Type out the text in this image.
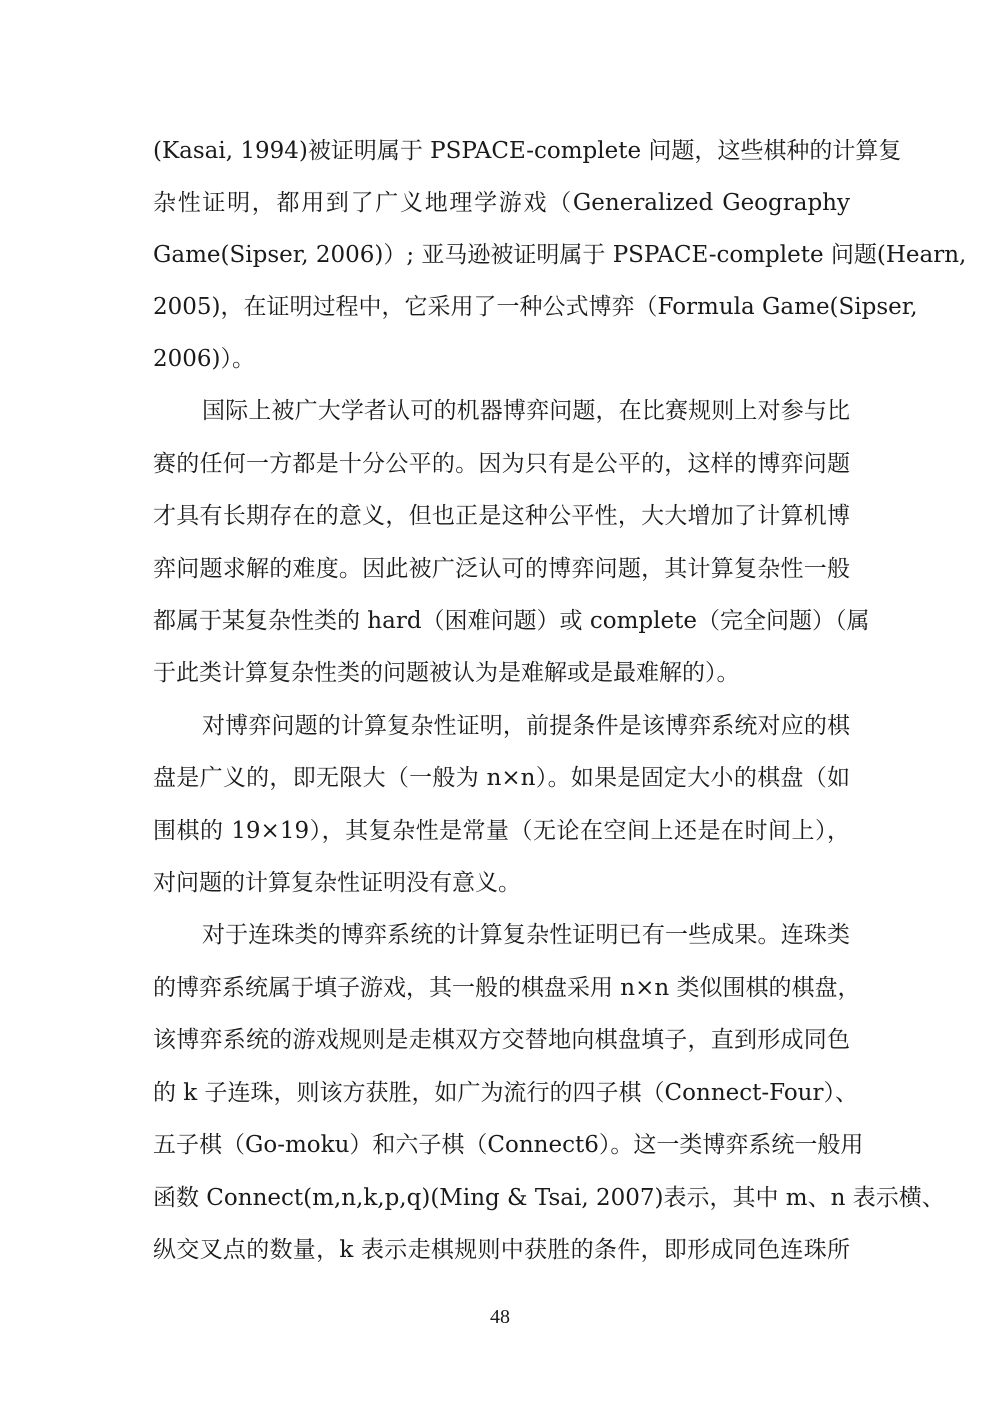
(Kasai, 1994)被证明属于 PSPACE-complete 问题，这些棋种的计算复
杂性证明，都用到了广义地理学游戏（Generalized Geography
Game(Sipser, 2006)）; 亚马逊被证明属于 PSPACE-complete 问题(Hearn,
2005)，在证明过程中，它采用了一种公式博弈（Formula Game(Sipser,
2006)）。
国际上被广大学者认可的机器博弈问题，在比赛规则上对参与比
赛的任何一方都是十分公平的。因为只有是公平的，这样的博弈问题
才具有长期存在的意义，但也正是这种公平性，大大增加了计算机博
弈问题求解的难度。因此被广泛认可的博弈问题，其计算复杂性一般
都属于某复杂性类的 hard（困难问题）或 complete（完全问题）（属
于此类计算复杂性类的问题被认为是难解或是最难解的）。
对博弈问题的计算复杂性证明，前提条件是该博弈系统对应的棋
盘是广义的，即无限大（一般为 n×n）。如果是固定大小的棋盘（如
围棋的 19×19），其复杂性是常量（无论在空间上还是在时间上），
对问题的计算复杂性证明没有意义。
对于连珠类的博弈系统的计算复杂性证明已有一些成果。连珠类
的博弈系统属于填子游戏，其一般的棋盘采用 n×n 类似围棋的棋盘，
该博弈系统的游戏规则是走棋双方交替地向棋盘填子，直到形成同色
的 k 子连珠，则该方获胜，如广为流行的四子棋（Connect-Four）、
五子棋（Go-moku）和六子棋（Connect6）。这一类博弈系统一般用
函数 Connect(m,n,k,p,q)(Ming & Tsai, 2007)表示，其中 m、n 表示横、
纵交叉点的数量，k 表示走棋规则中获胜的条件，即形成同色连珠所
48
